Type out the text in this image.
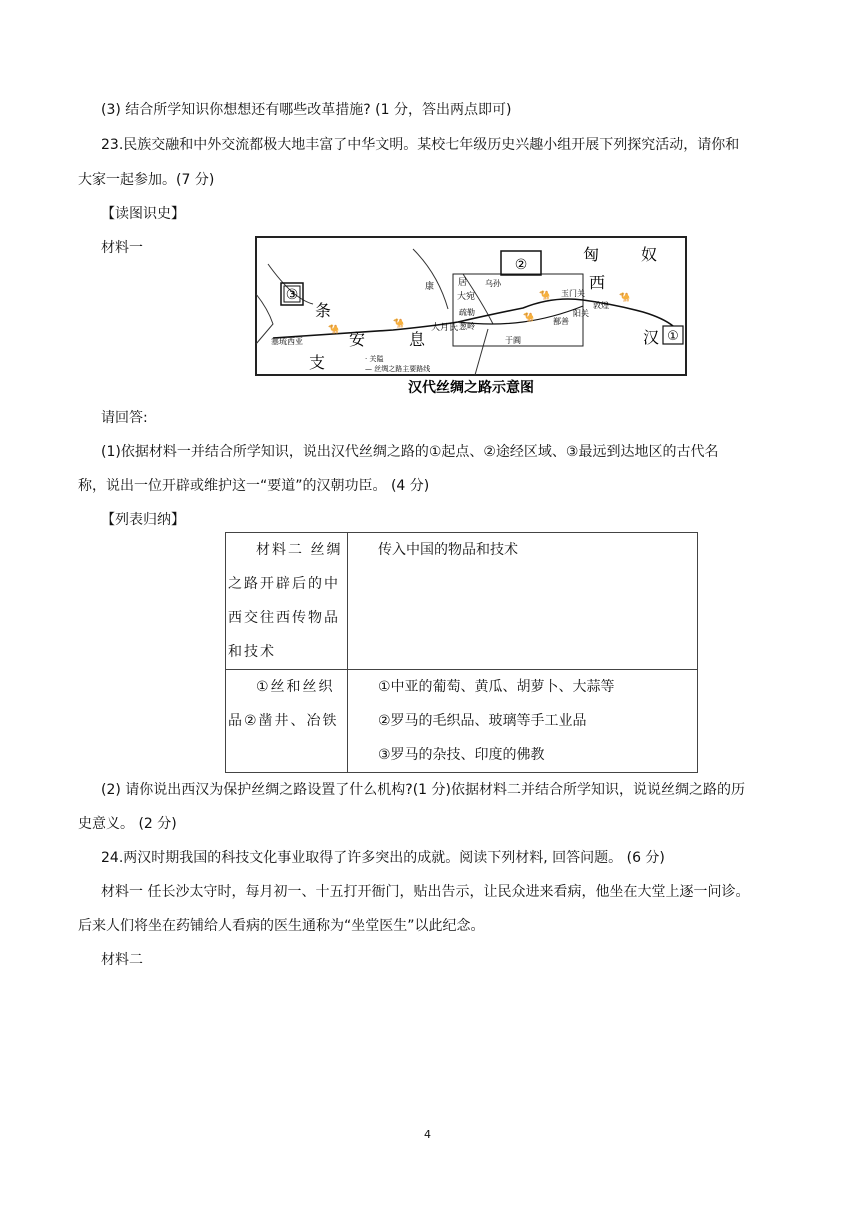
(3) 结合所学知识你想想还有哪些改革措施? (1 分，答出两点即可)
23.民族交融和中外交流都极大地丰富了中华文明。某校七年级历史兴趣小组开展下列探究活动，请你和
大家一起参加。(7 分)
【读图识史】
材料一
🐪
🐪
🐪
🐪	🐪
③
②
①
匈	奴
西
汉
条
支
安	息
康	居
大宛
乌孙
疏勒
葱岭
大月氏
于阗
鄯善
阳关
玉门关
敦煌
塞琉西亚
· 关隘
— 丝绸之路主要路线
汉代丝绸之路示意图
请回答:
(1)依据材料一并结合所学知识，说出汉代丝绸之路的①起点、②途经区域、③最远到达地区的古代名
称，说出一位开辟或维护这一“要道”的汉朝功臣。 (4 分)
【列表归纳】
材料二 丝绸之路开辟后的中西交往西传物品和技术	传入中国的物品和技术

①丝和丝织品②凿井、冶铁	①中亚的葡萄、黄瓜、胡萝卜、大蒜等
②罗马的毛织品、玻璃等手工业品
③罗马的杂技、印度的佛教
(2) 请你说出西汉为保护丝绸之路设置了什么机构?(1 分)依据材料二并结合所学知识，说说丝绸之路的历
史意义。 (2 分)
24.两汉时期我国的科技文化事业取得了许多突出的成就。阅读下列材料, 回答问题。 (6 分)
材料一 任长沙太守时，每月初一、十五打开衙门，贴出告示，让民众进来看病，他坐在大堂上逐一问诊。
后来人们将坐在药铺给人看病的医生通称为“坐堂医生”以此纪念。
材料二
4
